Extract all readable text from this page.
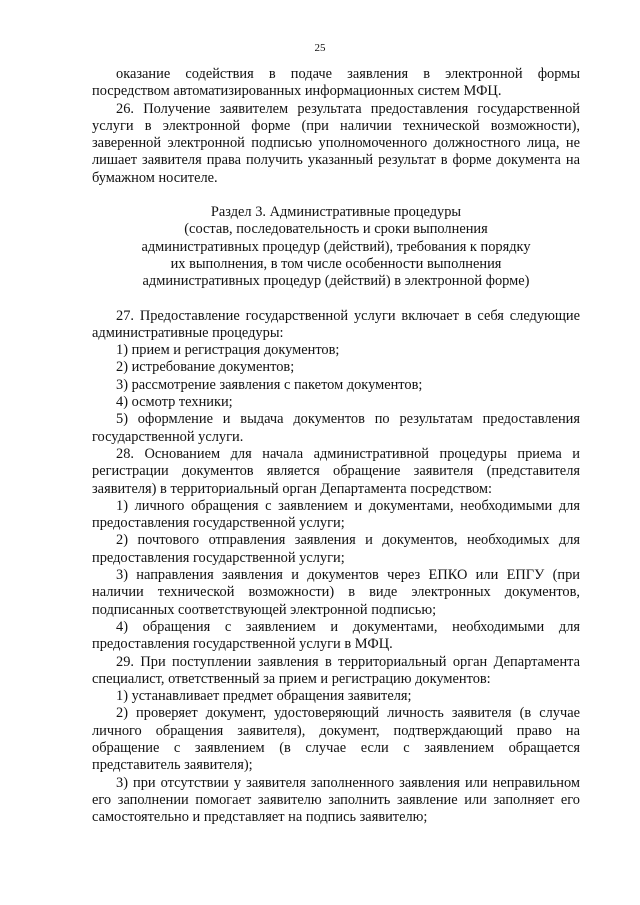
25

оказание содействия в подаче заявления в электронной формы посредством автоматизированных информационных систем МФЦ.

26. Получение заявителем результата предоставления государственной услуги в электронной форме (при наличии технической возможности), заверенной электронной подписью уполномоченного должностного лица, не лишает заявителя права получить указанный результат в форме документа на бумажном носителе.

Раздел 3. Административные процедуры

(состав, последовательность и сроки выполнения

административных процедур (действий), требования к порядку

их выполнения, в том числе особенности выполнения

административных процедур (действий) в электронной форме)

27. Предоставление государственной услуги включает в себя следующие административные процедуры:

1) прием и регистрация документов;

2) истребование документов;

3) рассмотрение заявления с пакетом документов;

4) осмотр техники;

5) оформление и выдача документов по результатам предоставления государственной услуги.

28. Основанием для начала административной процедуры приема и регистрации документов является обращение заявителя (представителя заявителя) в территориальный орган Департамента посредством:

1) личного обращения с заявлением и документами, необходимыми для предоставления государственной услуги;

2) почтового отправления заявления и документов, необходимых для предоставления государственной услуги;

3) направления заявления и документов через ЕПКО или ЕПГУ (при наличии технической возможности) в виде электронных документов, подписанных соответствующей электронной подписью;

4) обращения с заявлением и документами, необходимыми для предоставления государственной услуги в МФЦ.

29. При поступлении заявления в территориальный орган Департамента специалист, ответственный за прием и регистрацию документов:

1) устанавливает предмет обращения заявителя;

2) проверяет документ, удостоверяющий личность заявителя (в случае личного обращения заявителя), документ, подтверждающий право на обращение с заявлением (в случае если с заявлением обращается представитель заявителя);

3) при отсутствии у заявителя заполненного заявления или неправильном его заполнении помогает заявителю заполнить заявление или заполняет его самостоятельно и представляет на подпись заявителю;
